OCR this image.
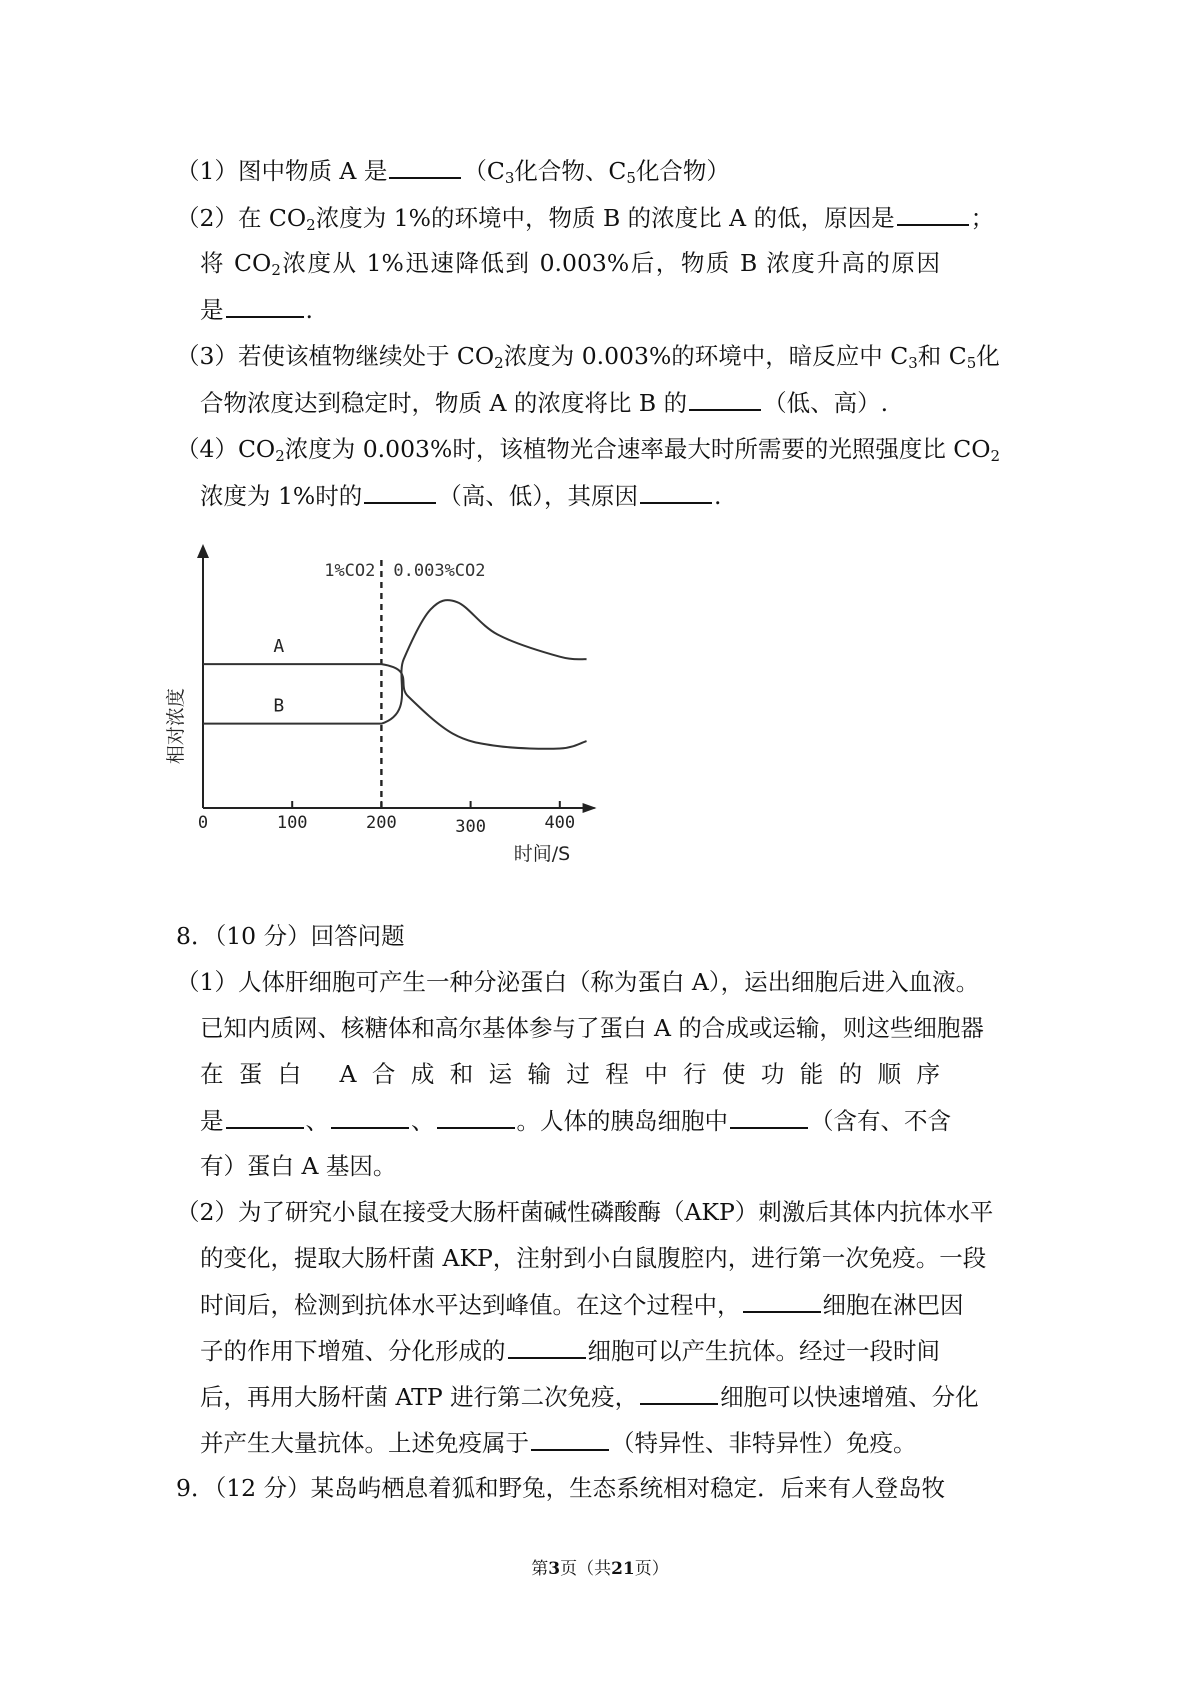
（1）图中物质 A 是	（$C_3$化合物、$C_5$化合物）
（2）在 $CO_2$浓度为 1%的环境中，物质 B 的浓度比 A 的低，原因是	；
将 $CO_2$浓度从 1%迅速降低到 0.003%后，物质 B 浓度升高的原因
是	.
（3）若使该植物继续处于 $CO_2$浓度为 0.003%的环境中，暗反应中 $C_3$和 $C_5$化
合物浓度达到稳定时，物质 A 的浓度将比 B 的	（低、高）.
$(4)CO_2$浓度为 0.003%时，该植物光合速率最大时所需要的光照强度比 $CO_2$
浓度为 1%时的	（高、低），其原因	.
0	100	200	300	400
1%CO2 0.003%CO2
A
B
相对浓度
时间/S
8．（10 分）回答问题
（1）人体肝细胞可产生一种分泌蛋白（称为蛋白 A），运出细胞后进入血液。
已知内质网、核糖体和高尔基体参与了蛋白 A 的合成或运输，则这些细胞器
在蛋白 A合成和运输过程中行使功能的顺序
是	、	、	。人体的胰岛细胞中	（含有、不含
有）蛋白 A 基因。
（2）为了研究小鼠在接受大肠杆菌碱性磷酸酶（AKP）刺激后其体内抗体水平
的变化，提取大肠杆菌 AKP，注射到小白鼠腹腔内，进行第一次免疫。一段
时间后，检测到抗体水平达到峰值。在这个过程中，	细胞在淋巴因
子的作用下增殖、分化形成的	细胞可以产生抗体。经过一段时间
后，再用大肠杆菌 ATP 进行第二次免疫，	细胞可以快速增殖、分化
并产生大量抗体。上述免疫属于	（特异性、非特异性）免疫。
9．（12 分）某岛屿栖息着狐和野兔，生态系统相对稳定．后来有人登岛牧
第3页（共21页）
